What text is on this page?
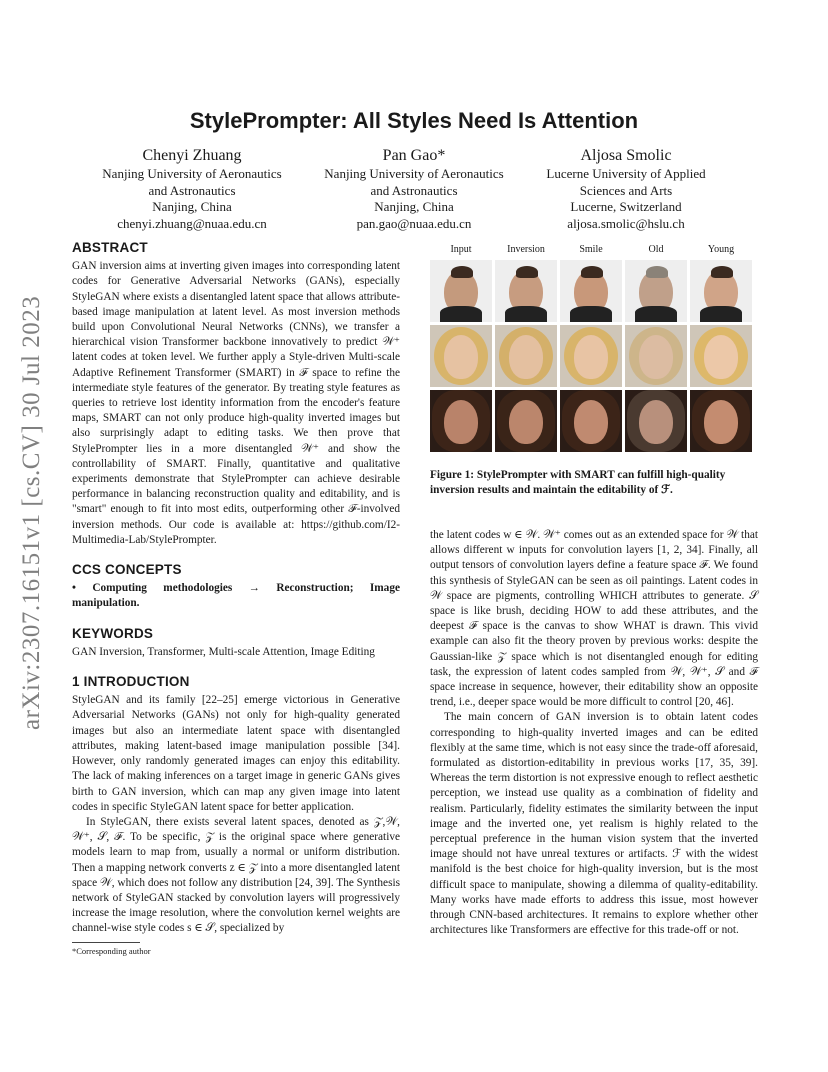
arXiv:2307.16151v1 [cs.CV] 30 Jul 2023
StylePrompter: All Styles Need Is Attention
Chenyi Zhuang
Nanjing University of Aeronautics
and Astronautics
Nanjing, China
chenyi.zhuang@nuaa.edu.cn
Pan Gao*
Nanjing University of Aeronautics
and Astronautics
Nanjing, China
pan.gao@nuaa.edu.cn
Aljosa Smolic
Lucerne University of Applied
Sciences and Arts
Lucerne, Switzerland
aljosa.smolic@hslu.ch
ABSTRACT

GAN inversion aims at inverting given images into corresponding latent codes for Generative Adversarial Networks (GANs), especially StyleGAN where exists a disentangled latent space that allows attribute-based image manipulation at latent level. As most inversion methods build upon Convolutional Neural Networks (CNNs), we transfer a hierarchical vision Transformer backbone innovatively to predict 𝒲⁺ latent codes at token level. We further apply a Style-driven Multi-scale Adaptive Refinement Transformer (SMART) in ℱ space to refine the intermediate style features of the generator. By treating style features as queries to retrieve lost identity information from the encoder's feature maps, SMART can not only produce high-quality inverted images but also surprisingly adapt to editing tasks. We then prove that StylePrompter lies in a more disentangled 𝒲⁺ and show the controllability of SMART. Finally, quantitative and qualitative experiments demonstrate that StylePrompter can achieve desirable performance in balancing reconstruction quality and editability, and is "smart" enough to fit into most edits, outperforming other ℱ-involved inversion methods. Our code is available at: https://github.com/I2-Multimedia-Lab/StylePrompter.

CCS CONCEPTS

• Computing methodologies → Reconstruction; Image manipulation.

KEYWORDS

GAN Inversion, Transformer, Multi-scale Attention, Image Editing

1 INTRODUCTION

StyleGAN and its family [22–25] emerge victorious in Generative Adversarial Networks (GANs) not only for high-quality generated images but also an intermediate latent space with disentangled attributes, making latent-based image manipulation possible [34]. However, only randomly generated images can enjoy this editability. The lack of making inferences on a target image in generic GANs gives birth to GAN inversion, which can map any given image into latent codes in specific StyleGAN latent space for better application.

In StyleGAN, there exists several latent spaces, denoted as 𝒵,𝒲, 𝒲⁺, 𝒮, ℱ. To be specific, 𝒵 is the original space where generative models learn to map from, usually a normal or uniform distribution. Then a mapping network converts z ∈ 𝒵 into a more disentangled latent space 𝒲, which does not follow any distribution [24, 39]. The Synthesis network of StyleGAN stacked by convolution layers will progressively increase the image resolution, where the convolution kernel weights are channel-wise style codes s ∈ 𝒮, specialized by

*Corresponding author
Input	Inversion	Smile	Old	Young
Figure 1: StylePrompter with SMART can fulfill high-quality inversion results and maintain the editability of ℱ.

the latent codes w ∈ 𝒲. 𝒲⁺ comes out as an extended space for 𝒲 that allows different w inputs for convolution layers [1, 2, 34]. Finally, all output tensors of convolution layers define a feature space ℱ. We found this synthesis of StyleGAN can be seen as oil paintings. Latent codes in 𝒲 space are pigments, controlling WHICH attributes to generate. 𝒮 space is like brush, deciding HOW to add these attributes, and the deepest ℱ space is the canvas to show WHAT is drawn. This vivid example can also fit the theory proven by previous works: despite the Gaussian-like 𝒵 space which is not disentangled enough for editing task, the expression of latent codes sampled from 𝒲, 𝒲⁺, 𝒮 and ℱ space increase in sequence, however, their editability show an opposite trend, i.e., deeper space would be more difficult to control [20, 46].

The main concern of GAN inversion is to obtain latent codes corresponding to high-quality inverted images and can be edited flexibly at the same time, which is not easy since the trade-off aforesaid, formulated as distortion-editability in previous works [17, 35, 39]. Whereas the term distortion is not expressive enough to reflect aesthetic perception, we instead use quality as a combination of fidelity and realism. Particularly, fidelity estimates the similarity between the input image and the inverted one, yet realism is highly related to the perceptual preference in the human vision system that the inverted image should not have unreal textures or artifacts. ℱ with the widest manifold is the best choice for high-quality inversion, but is the most difficult space to manipulate, showing a dilemma of quality-editability. Many works have made efforts to address this issue, most however through CNN-based architectures. It remains to explore whether other architectures like Transformers are effective for this trade-off or not.
